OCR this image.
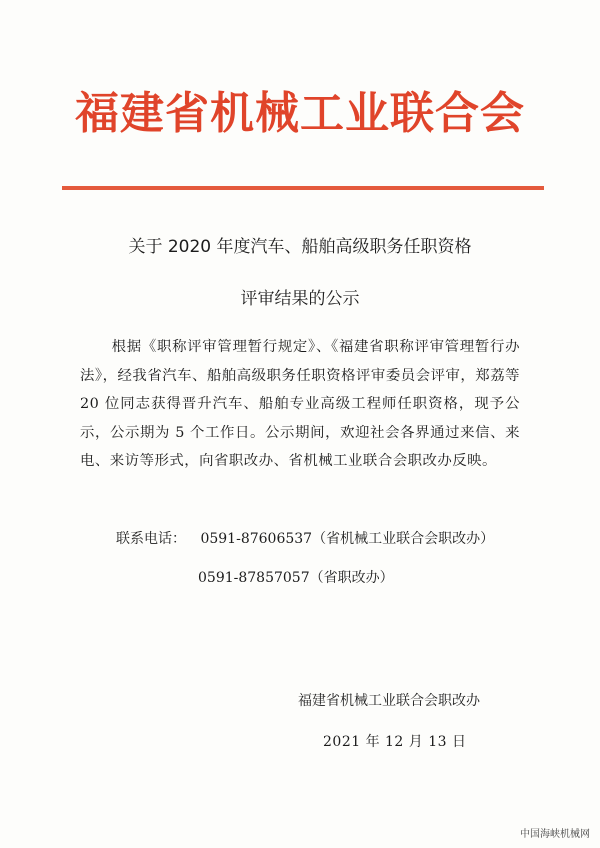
福建省机械工业联合会
关于 2020 年度汽车、船舶高级职务任职资格
评审结果的公示

根据《职称评审管理暂行规定》、《福建省职称评审管理暂行办法》，经我省汽车、船舶高级职务任职资格评审委员会评审，郑荔等 20 位同志获得晋升汽车、船舶专业高级工程师任职资格，现予公示，公示期为 5 个工作日。公示期间，欢迎社会各界通过来信、来电、来访等形式，向省职改办、省机械工业联合会职改办反映。

联系电话： 0591-87606537（省机械工业联合会职改办）
0591-87857057（省职改办）
福建省机械工业联合会职改办
2021 年 12 月 13 日
中国海峡机械网
